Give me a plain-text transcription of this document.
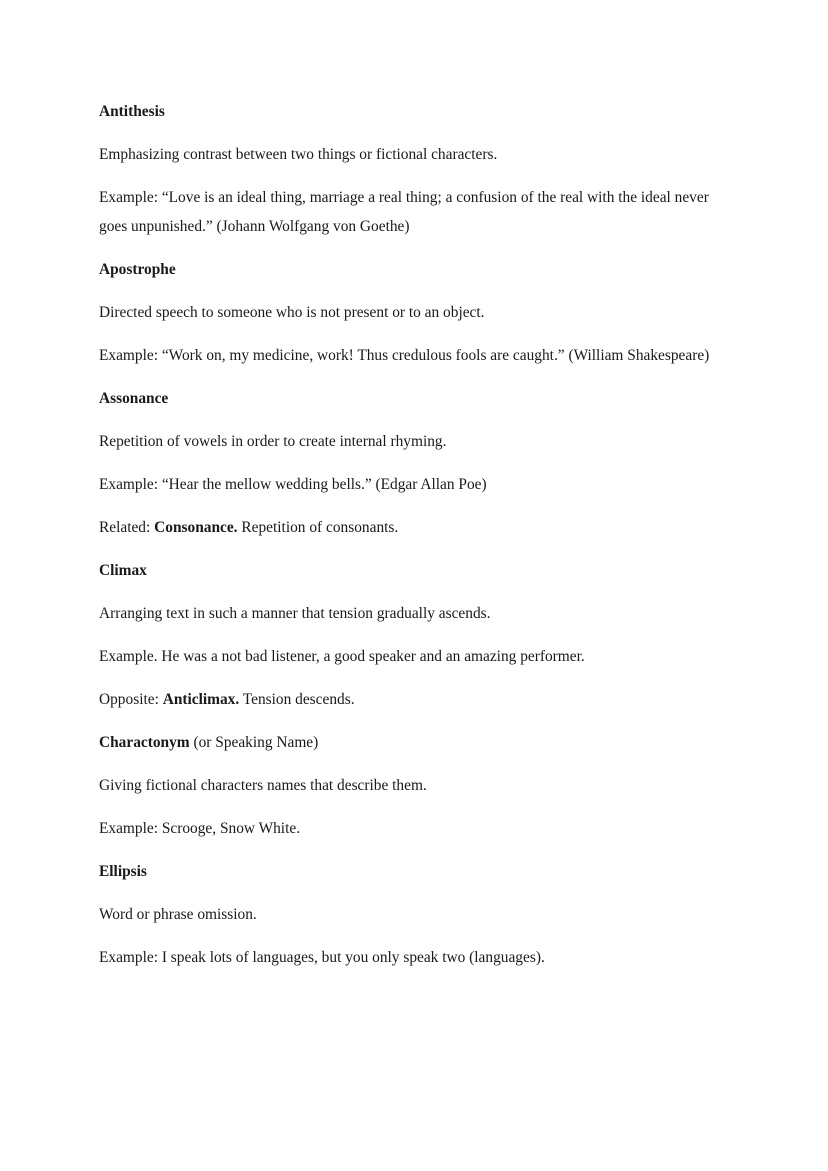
Antithesis

Emphasizing contrast between two things or fictional characters.

Example: “Love is an ideal thing, marriage a real thing; a confusion of the real with the ideal never goes unpunished.” (Johann Wolfgang von Goethe)

Apostrophe

Directed speech to someone who is not present or to an object.

Example: “Work on, my medicine, work! Thus credulous fools are caught.” (William Shakespeare)

Assonance

Repetition of vowels in order to create internal rhyming.

Example: “Hear the mellow wedding bells.” (Edgar Allan Poe)

Related: Consonance. Repetition of consonants.

Climax

Arranging text in such a manner that tension gradually ascends.

Example. He was a not bad listener, a good speaker and an amazing performer.

Opposite: Anticlimax. Tension descends.

Charactonym (or Speaking Name)

Giving fictional characters names that describe them.

Example: Scrooge, Snow White.

Ellipsis

Word or phrase omission.

Example: I speak lots of languages, but you only speak two (languages).
